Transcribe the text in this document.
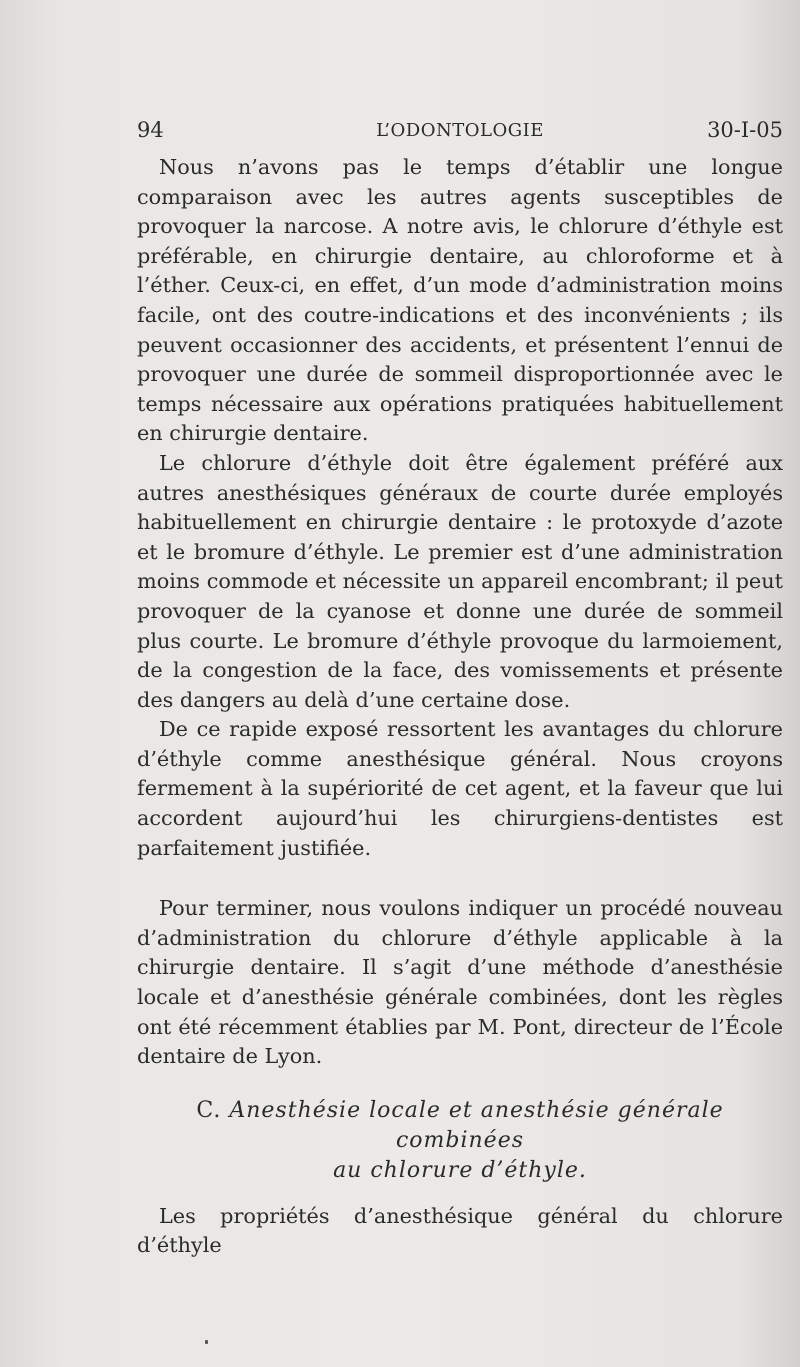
94	L’ODONTOLOGIE	30-I-05

Nous n’avons pas le temps d’établir une longue comparaison avec les autres agents susceptibles de provoquer la narcose. A notre avis, le chlorure d’éthyle est préférable, en chirurgie dentaire, au chloroforme et à l’éther. Ceux-ci, en effet, d’un mode d’administration moins facile, ont des coutre-indications et des inconvénients ; ils peuvent occasionner des accidents, et présentent l’ennui de provoquer une durée de sommeil disproportionnée avec le temps nécessaire aux opérations pratiquées habituellement en chirurgie dentaire.

Le chlorure d’éthyle doit être également préféré aux autres anesthésiques généraux de courte durée employés habituellement en chirurgie dentaire : le protoxyde d’azote et le bromure d’éthyle. Le premier est d’une administration moins commode et nécessite un appareil encombrant; il peut provoquer de la cyanose et donne une durée de sommeil plus courte. Le bromure d’éthyle provoque du larmoiement, de la congestion de la face, des vomissements et présente des dangers au delà d’une certaine dose.

De ce rapide exposé ressortent les avantages du chlorure d’éthyle comme anesthésique général. Nous croyons fermement à la supériorité de cet agent, et la faveur que lui accordent aujourd’hui les chirurgiens-dentistes est parfaitement justifiée.

Pour terminer, nous voulons indiquer un procédé nouveau d’administration du chlorure d’éthyle applicable à la chirurgie dentaire. Il s’agit d’une méthode d’anesthésie locale et d’anesthésie générale combinées, dont les règles ont été récemment établies par M. Pont, directeur de l’École dentaire de Lyon.

C. Anesthésie locale et anesthésie générale combinées
au chlorure d’éthyle.

Les propriétés d’anesthésique général du chlorure d’éthyle
